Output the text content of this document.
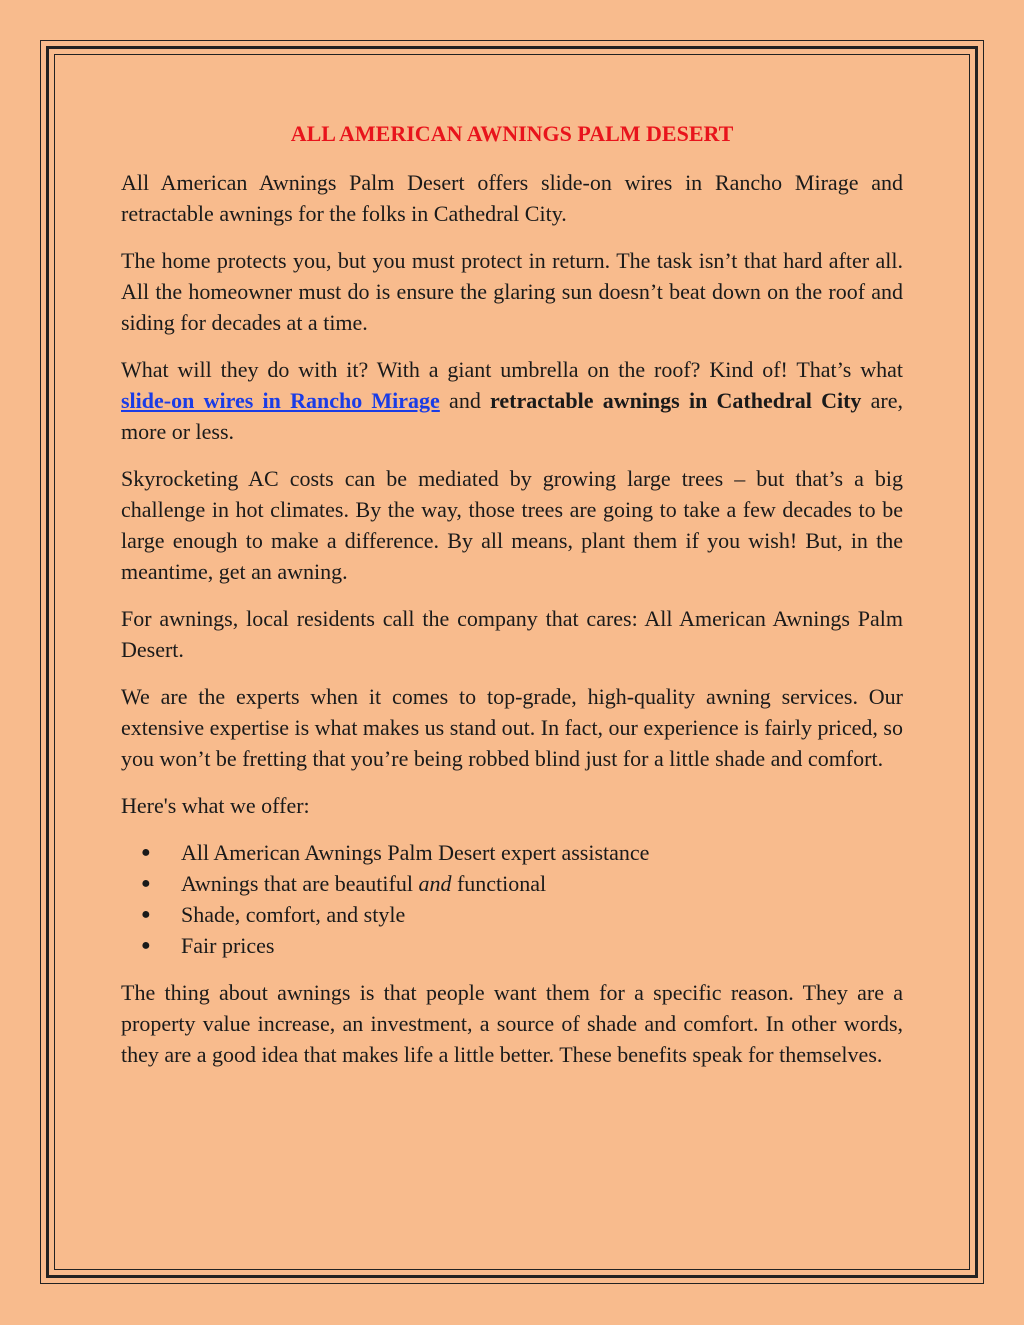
ALL AMERICAN AWNINGS PALM DESERT

All American Awnings Palm Desert offers slide-on wires in Rancho Mirage and retractable awnings for the folks in Cathedral City.

The home protects you, but you must protect in return. The task isn’t that hard after all. All the homeowner must do is ensure the glaring sun doesn’t beat down on the roof and siding for decades at a time.

What will they do with it? With a giant umbrella on the roof? Kind of! That’s what slide-on wires in Rancho Mirage and retractable awnings in Cathedral City are, more or less.

Skyrocketing AC costs can be mediated by growing large trees – but that’s a big challenge in hot climates. By the way, those trees are going to take a few decades to be large enough to make a difference. By all means, plant them if you wish! But, in the meantime, get an awning.

For awnings, local residents call the company that cares: All American Awnings Palm Desert.

We are the experts when it comes to top-grade, high-quality awning services. Our extensive expertise is what makes us stand out. In fact, our experience is fairly priced, so you won’t be fretting that you’re being robbed blind just for a little shade and comfort.

Here's what we offer:

● All American Awnings Palm Desert expert assistance
● Awnings that are beautiful and functional
● Shade, comfort, and style
● Fair prices

The thing about awnings is that people want them for a specific reason. They are a property value increase, an investment, a source of shade and comfort. In other words, they are a good idea that makes life a little better. These benefits speak for themselves.
